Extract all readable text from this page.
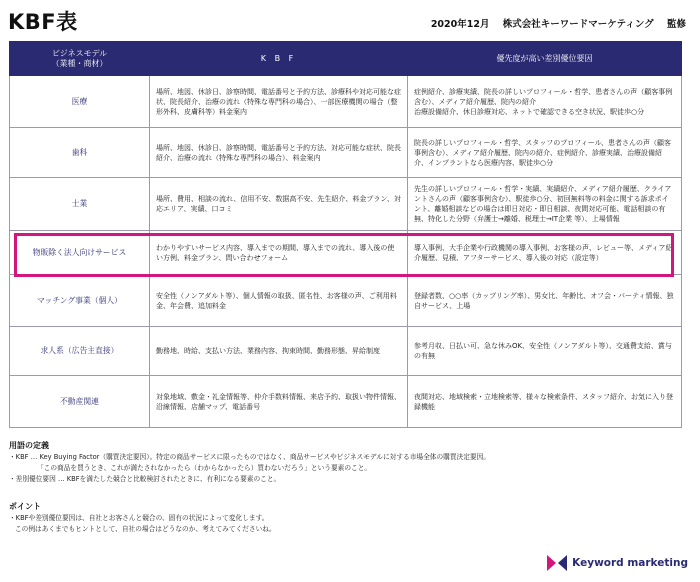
KBF表	2020年12月 株式会社キーワードマーケティング 監修
ビジネスモデル
（業種・商材）	K B F	優先度が高い差別優位要因
医療	場所、地図、休診日、診察時間、電話番号と予約方法、診療科や対応可能な症状、院長紹介、治療の流れ（特殊な専門科の場合）、一部医療機関の場合（整形外科、皮膚科等）料金案内	症例紹介、診療実績、院長の詳しいプロフィール・哲学、患者さんの声（顧客事例含む）、メディア紹介履歴、院内の紹介
治療設備紹介、休日診療対応、ネットで確認できる空き状況、駅徒歩○分
歯科	場所、地図、休診日、診察時間、電話番号と予約方法、対応可能な症状、院長紹介、治療の流れ（特殊な専門科の場合）、料金案内	院長の詳しいプロフィール・哲学、スタッフのプロフィール、患者さんの声（顧客事例含む）、メディア紹介履歴、院内の紹介、症例紹介、診療実績、治療設備紹介、インプラントなら医療内容、駅徒歩○分
士業	場所、費用、相談の流れ、信用不安、数据高不安、先生紹介、料金プラン、対応エリア、実績、口コミ	先生の詳しいプロフィール・哲学・実績、実績紹介、メディア紹介履歴、クライアントさんの声（顧客事例含む）、駅徒歩○分、初回無料等の料金に関する訴求ポイント、離婚相談などの場合は即日対応・即日相談、夜間対応可能、電話相談の有無、特化した分野（弁護士→離婚、税理士→IT企業 等）、上場情報
物販除く法人向けサービス	わかりやすいサービス内容、導入までの期間、導入までの流れ、導入後の使い方例、料金プラン、問い合わせフォーム	導入事例、大手企業や行政機関の導入事例、お客様の声、レビュー等、メディア紹介履歴、見積、アフターサービス、導入後の対応（設定等）
マッチング事業（個人）	安全性（ノンアダルト等）、個人情報の取扱、匿名性、お客様の声、ご利用料金、年会費、追加料金	登録者数、○○率（カップリング率）、男女比、年齢比、オフ会・パーティ情報、独自サービス、上場
求人系（広告主直接）	勤務地、時給、支払い方法、業務内容、拘束時間、勤務形態、昇給制度	参考月収、日払い可、急な休みOK、安全性（ノンアダルト等）、交通費支給、賞与の有無
不動産関連	対象地域、敷金・礼金情報等、仲介手数料情報、来店予約、取扱い物件情報、沿線情報、店舗マップ、電話番号	夜間対応、地域検索・立地検索等、様々な検索条件、スタッフ紹介、お気に入り登録機能
用語の定義
・KBF … Key Buying Factor（購買決定要因）。特定の商品サービスに限ったものではなく、商品サービスやビジネスモデルに対する市場全体の購買決定要因。
「この商品を買うとき、これが満たされなかったら（わからなかったら）買わないだろう」という要素のこと。
・差別優位要因 … KBFを満たした競合と比較検討されたときに、有利になる要素のこと。
ポイント
・KBFや差別優位要因は、自社とお客さんと競合の、固有の状況によって変化します。
この例はあくまでもヒントとして、自社の場合はどうなのか、考えてみてくださいね。
Keyword marketing
